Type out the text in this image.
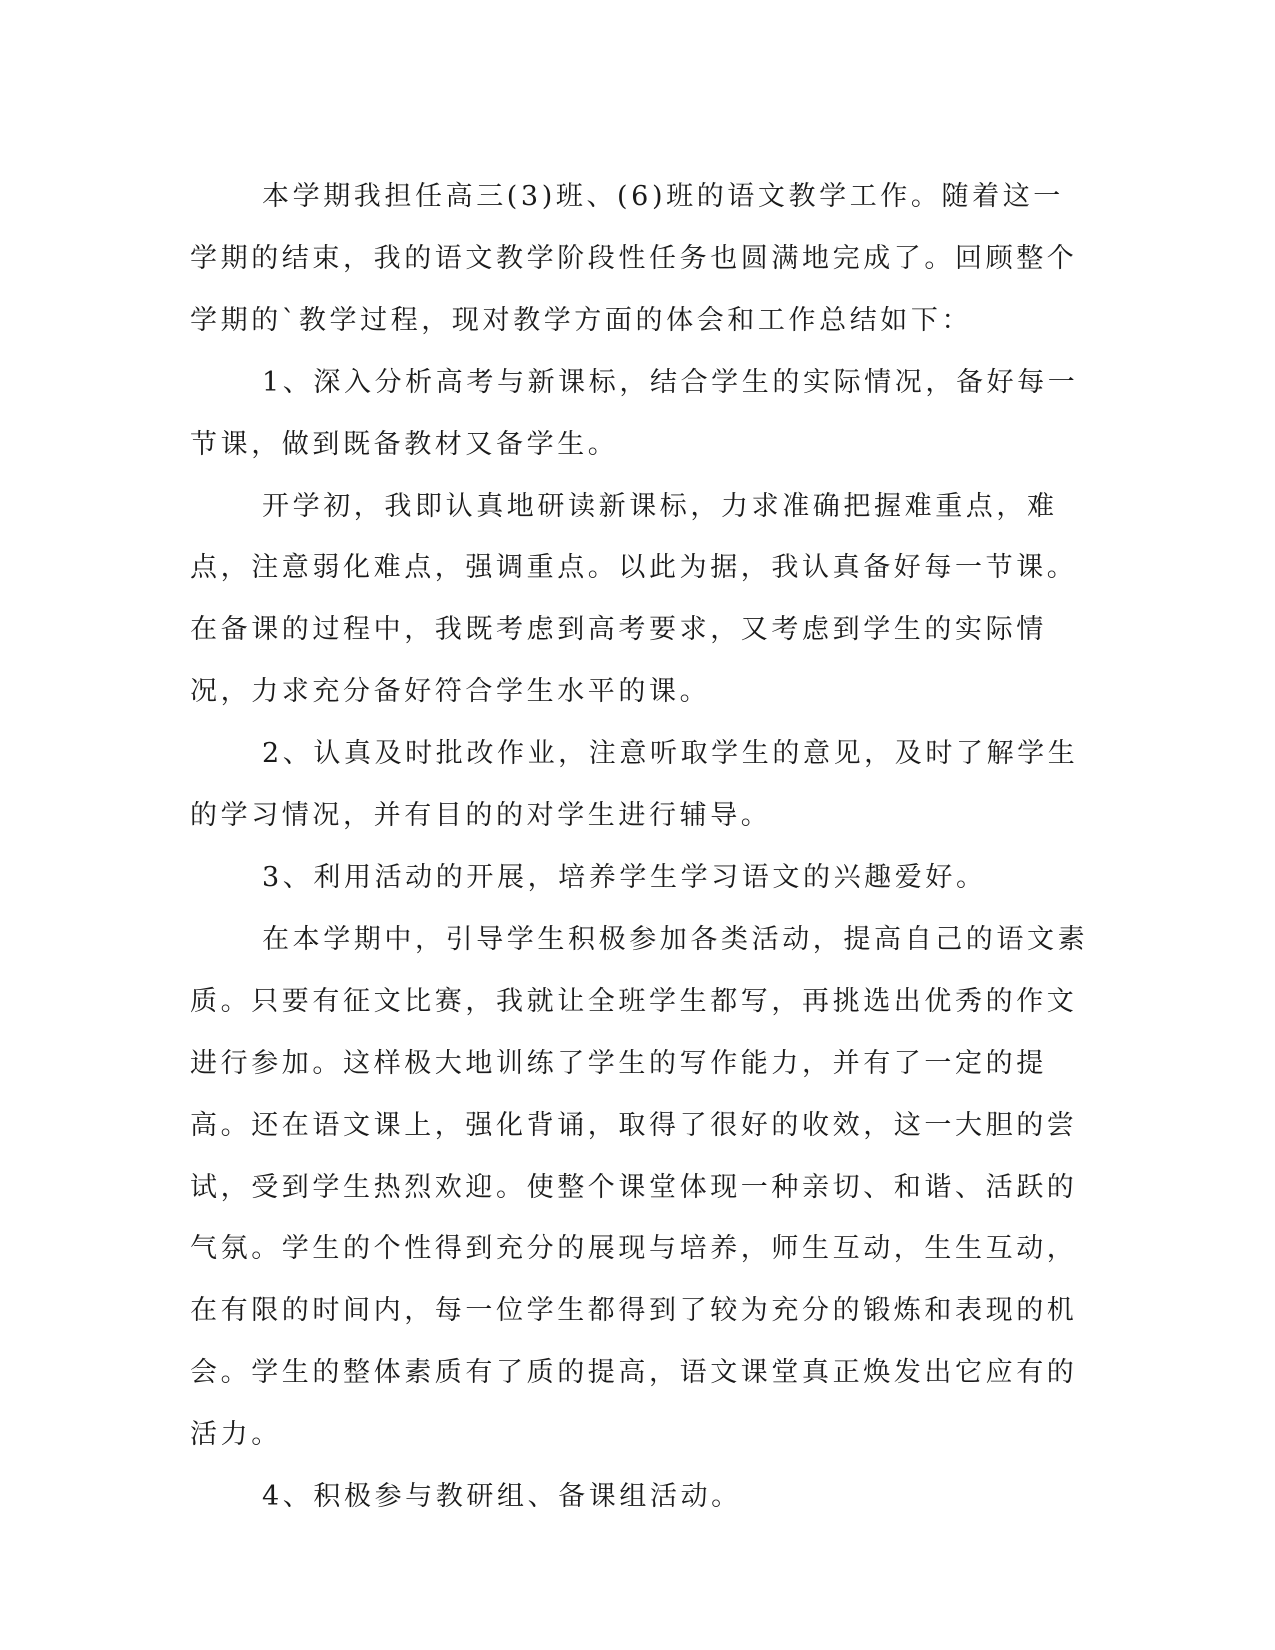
本学期我担任高三(3)班、(6)班的语文教学工作。随着这一学期的结束，我的语文教学阶段性任务也圆满地完成了。回顾整个学期的`教学过程，现对教学方面的体会和工作总结如下：

1、深入分析高考与新课标，结合学生的实际情况，备好每一节课，做到既备教材又备学生。

开学初，我即认真地研读新课标，力求准确把握难重点，难点，注意弱化难点，强调重点。以此为据，我认真备好每一节课。在备课的过程中，我既考虑到高考要求，又考虑到学生的实际情况，力求充分备好符合学生水平的课。

2、认真及时批改作业，注意听取学生的意见，及时了解学生的学习情况，并有目的的对学生进行辅导。

3、利用活动的开展，培养学生学习语文的兴趣爱好。

在本学期中，引导学生积极参加各类活动，提高自己的语文素质。只要有征文比赛，我就让全班学生都写，再挑选出优秀的作文进行参加。这样极大地训练了学生的写作能力，并有了一定的提高。还在语文课上，强化背诵，取得了很好的收效，这一大胆的尝试，受到学生热烈欢迎。使整个课堂体现一种亲切、和谐、活跃的气氛。学生的个性得到充分的展现与培养，师生互动，生生互动，在有限的时间内，每一位学生都得到了较为充分的锻炼和表现的机会。学生的整体素质有了质的提高，语文课堂真正焕发出它应有的活力。

4、积极参与教研组、备课组活动。
